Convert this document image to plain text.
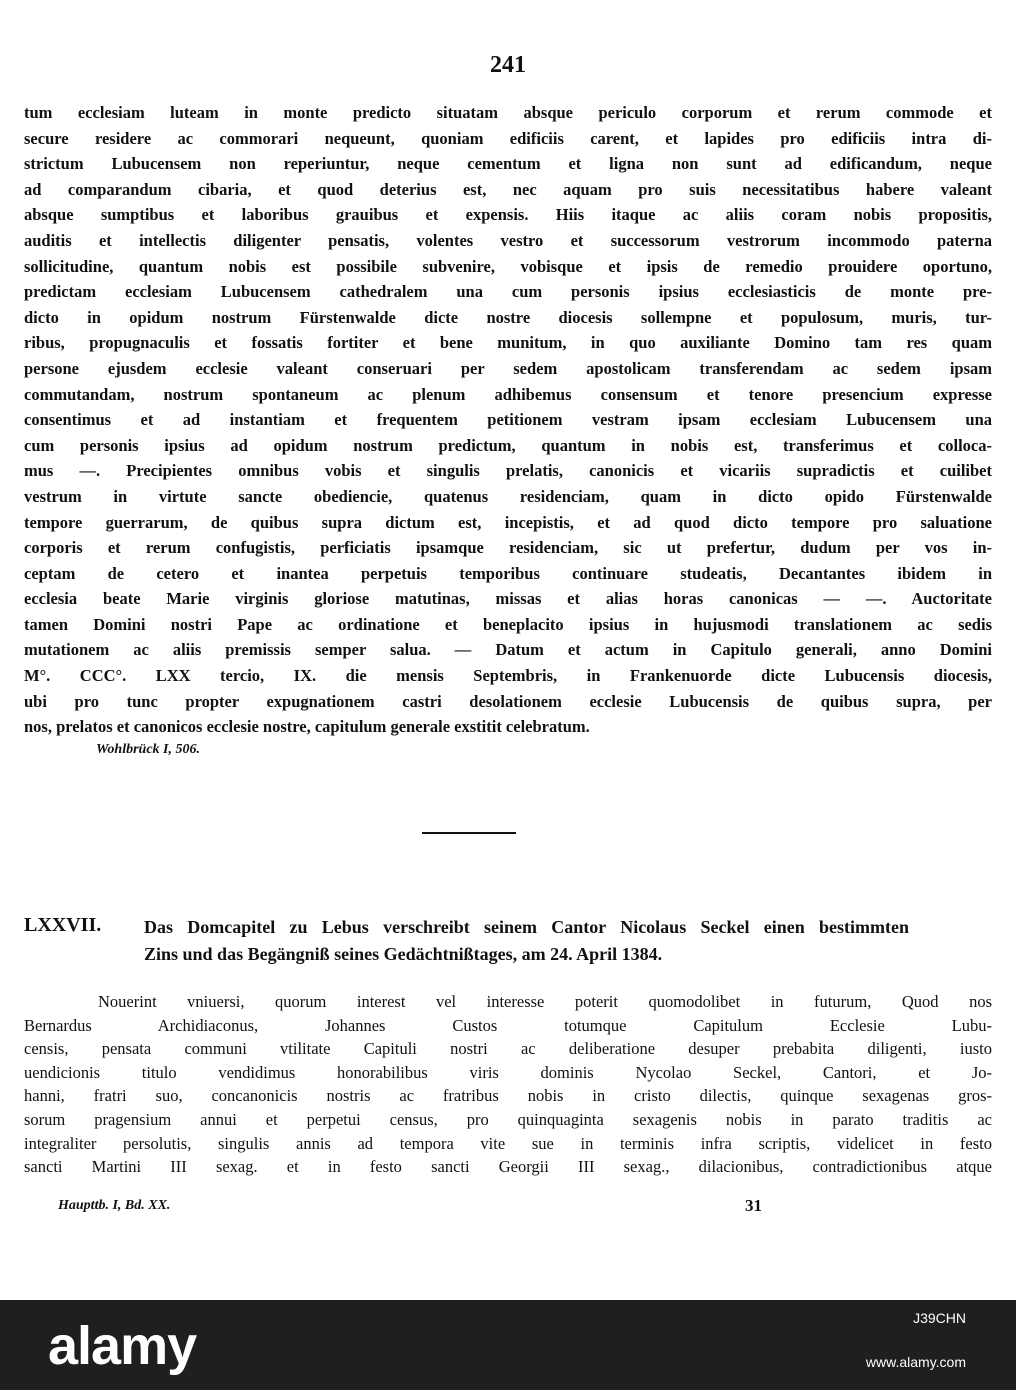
241
tum ecclesiam luteam in monte predicto situatam absque periculo corporum et rerum commode et
secure residere ac commorari nequeunt, quoniam edificiis carent, et lapides pro edificiis intra di-
strictum Lubucensem non reperiuntur, neque cementum et ligna non sunt ad edificandum, neque
ad comparandum cibaria, et quod deterius est, nec aquam pro suis necessitatibus habere valeant
absque sumptibus et laboribus grauibus et expensis. Hiis itaque ac aliis coram nobis propositis,
auditis et intellectis diligenter pensatis, volentes vestro et successorum vestrorum incommodo paterna
sollicitudine, quantum nobis est possibile subvenire, vobisque et ipsis de remedio prouidere oportuno,
predictam ecclesiam Lubucensem cathedralem una cum personis ipsius ecclesiasticis de monte pre-
dicto in opidum nostrum Fürstenwalde dicte nostre diocesis sollempne et populosum, muris, tur-
ribus, propugnaculis et fossatis fortiter et bene munitum, in quo auxiliante Domino tam res quam
persone ejusdem ecclesie valeant conseruari per sedem apostolicam transferendam ac sedem ipsam
commutandam, nostrum spontaneum ac plenum adhibemus consensum et tenore presencium expresse
consentimus et ad instantiam et frequentem petitionem vestram ipsam ecclesiam Lubucensem una
cum personis ipsius ad opidum nostrum predictum, quantum in nobis est, transferimus et colloca-
mus —. Precipientes omnibus vobis et singulis prelatis, canonicis et vicariis supradictis et cuilibet
vestrum in virtute sancte obediencie, quatenus residenciam, quam in dicto opido Fürstenwalde
tempore guerrarum, de quibus supra dictum est, incepistis, et ad quod dicto tempore pro saluatione
corporis et rerum confugistis, perficiatis ipsamque residenciam, sic ut prefertur, dudum per vos in-
ceptam de cetero et inantea perpetuis temporibus continuare studeatis, Decantantes ibidem in
ecclesia beate Marie virginis gloriose matutinas, missas et alias horas canonicas — —. Auctoritate
tamen Domini nostri Pape ac ordinatione et beneplacito ipsius in hujusmodi translationem ac sedis
mutationem ac aliis premissis semper salua. — Datum et actum in Capitulo generali, anno Domini
M°. CCC°. LXX tercio, IX. die mensis Septembris, in Frankenuorde dicte Lubucensis diocesis,
ubi pro tunc propter expugnationem castri desolationem ecclesie Lubucensis de quibus supra, per
nos, prelatos et canonicos ecclesie nostre, capitulum generale exstitit celebratum.
Wohlbrück I, 506.
LXXVII. Das Domcapitel zu Lebus verschreibt seinem Cantor Nicolaus Seckel einen bestimmten
Zins und das Begängniß seines Gedächtnißtages, am 24. April 1384.
Nouerint vniuersi, quorum interest vel interesse poterit quomodolibet in futurum, Quod nos
Bernardus Archidiaconus, Johannes Custos totumque Capitulum Ecclesie Lubu-
censis, pensata communi vtilitate Capituli nostri ac deliberatione desuper prebabita diligenti, iusto
uendicionis titulo vendidimus honorabilibus viris dominis Nycolao Seckel, Cantori, et Jo-
hanni, fratri suo, concanonicis nostris ac fratribus nobis in cristo dilectis, quinque sexagenas gros-
sorum pragensium annui et perpetui census, pro quinquaginta sexagenis nobis in parato traditis ac
integraliter persolutis, singulis annis ad tempora vite sue in terminis infra scriptis, videlicet in festo
sancti Martini III sexag. et in festo sancti Georgii III sexag., dilacionibus, contradictionibus atque
Haupttb. I, Bd. XX.	31
alamy	J39CHN
www.alamy.com
